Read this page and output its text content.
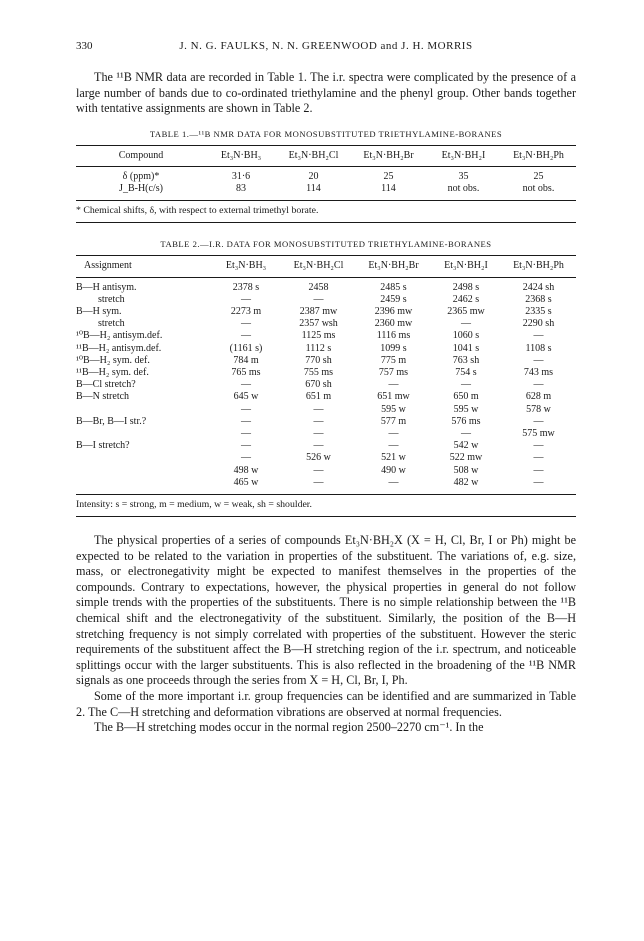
330	J. N. G. FAULKS, N. N. GREENWOOD and J. H. MORRIS

The ¹¹B NMR data are recorded in Table 1. The i.r. spectra were complicated by the presence of a large number of bands due to co-ordinated triethylamine and the phenyl group. Other bands together with tentative assignments are shown in Table 2.

TABLE 1.—¹¹B NMR DATA FOR MONOSUBSTITUTED TRIETHYLAMINE-BORANES
Compound	Et₃N·BH₃	Et₃N·BH₂Cl	Et₃N·BH₂Br	Et₃N·BH₂I	Et₃N·BH₂Ph
δ (ppm)*	31·6	20	25	35	25
J_B-H(c/s)	83	114	114	not obs.	not obs.
* Chemical shifts, δ, with respect to external trimethyl borate.
TABLE 2.—I.R. DATA FOR MONOSUBSTITUTED TRIETHYLAMINE-BORANES
Assignment	Et₃N·BH₃	Et₃N·BH₂Cl	Et₃N·BH₂Br	Et₃N·BH₂I	Et₃N·BH₂Ph
B—H antisym.	2378 s	2458	2485 s	2498 s	2424 sh
stretch	—	—	2459 s	2462 s	2368 s
B—H sym.	2273 m	2387 mw	2396 mw	2365 mw	2335 s
stretch	—	2357 wsh	2360 mw	—	2290 sh
¹⁰B—H₂ antisym.def.	—	1125 ms	1116 ms	1060 s	—
¹¹B—H₂ antisym.def.	(1161 s)	1112 s	1099 s	1041 s	1108 s
¹⁰B—H₂ sym. def.	784 m	770 sh	775 m	763 sh	—
¹¹B—H₂ sym. def.	765 ms	755 ms	757 ms	754 s	743 ms
B—Cl stretch?	—	670 sh	—	—	—
B—N stretch	645 w	651 m	651 mw	650 m	628 m
	—	—	595 w	595 w	578 w
B—Br, B—I str.?	—	—	577 m	576 ms	—
	—	—	—	—	575 mw
B—I stretch?	—	—	—	542 w	—
	—	526 w	521 w	522 mw	—
	498 w	—	490 w	508 w	—
	465 w	—	—	482 w	—
Intensity: s = strong, m = medium, w = weak, sh = shoulder.

The physical properties of a series of compounds Et₃N·BH₂X (X = H, Cl, Br, I or Ph) might be expected to be related to the variation in properties of the substituent. The variations of, e.g. size, mass, or electronegativity might be expected to manifest themselves in the properties of the compounds. Contrary to expectations, however, the physical properties in general do not follow simple trends with the properties of the substituents. There is no simple relationship between the ¹¹B chemical shift and the electronegativity of the substituent. Similarly, the position of the B—H stretching frequency is not simply correlated with properties of the substituent. However the steric requirements of the substituent affect the B—H stretching region of the i.r. spectrum, and noticeable splittings occur with the larger substituents. This is also reflected in the broadening of the ¹¹B NMR signals as one proceeds through the series from X = H, Cl, Br, I, Ph.

Some of the more important i.r. group frequencies can be identified and are summarized in Table 2. The C—H stretching and deformation vibrations are observed at normal frequencies.

The B—H stretching modes occur in the normal region 2500–2270 cm⁻¹. In the
